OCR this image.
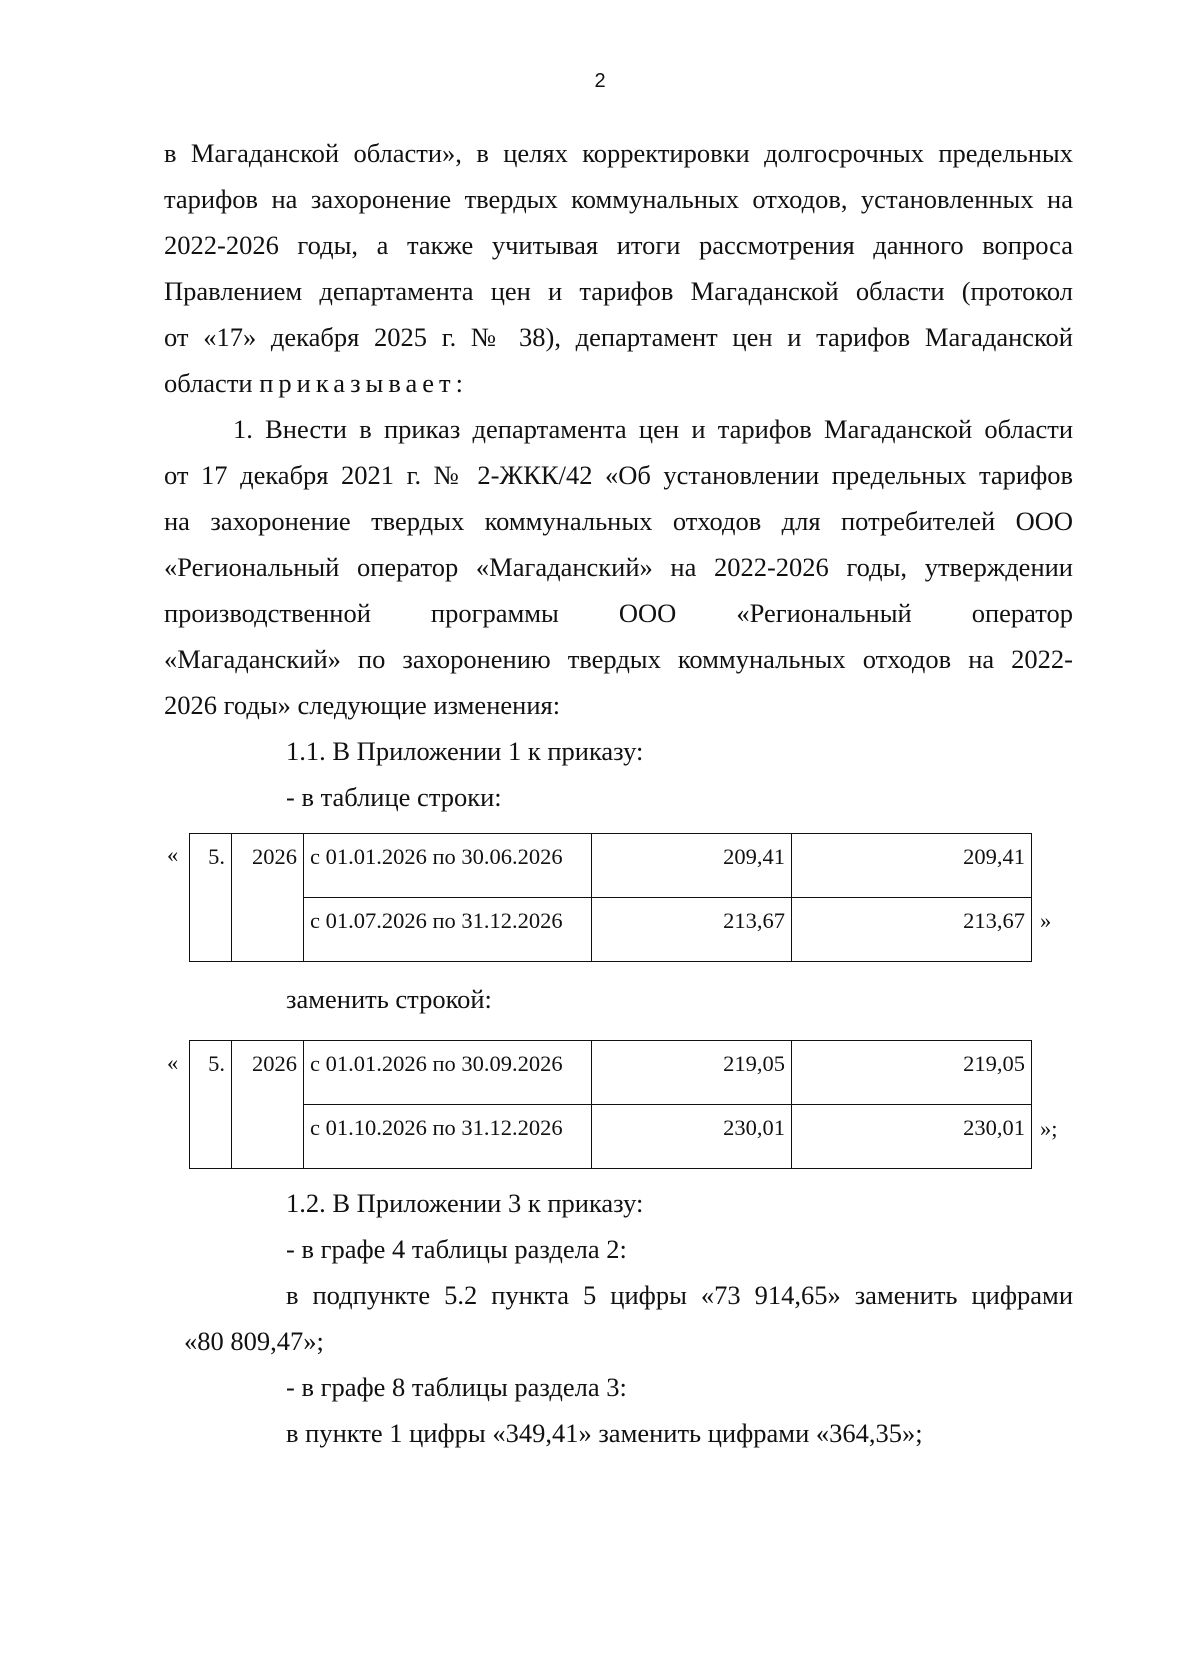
2
в Магаданской области», в целях корректировки долгосрочных предельных
тарифов на захоронение твердых коммунальных отходов, установленных на
2022-2026 годы, а также учитывая итоги рассмотрения данного вопроса
Правлением департамента цен и тарифов Магаданской области (протокол
от «17» декабря 2025 г. № 38), департамент цен и тарифов Магаданской
области приказывает:
1. Внести в приказ департамента цен и тарифов Магаданской области
от 17 декабря 2021 г. № 2-ЖКК/42 «Об установлении предельных тарифов
на захоронение твердых коммунальных отходов для потребителей ООО
«Региональный оператор «Магаданский» на 2022-2026 годы, утверждении
производственной программы ООО «Региональный оператор
«Магаданский» по захоронению твердых коммунальных отходов на 2022-
2026 годы» следующие изменения:
1.1. В Приложении 1 к приказу:
- в таблице строки:
« 5.	2026	с 01.01.2026 по 30.06.2026	209,41	209,41
		с 01.07.2026 по 31.12.2026	213,67	213,67 »
заменить строкой:
« 5.	2026	с 01.01.2026 по 30.09.2026	219,05	219,05
		с 01.10.2026 по 31.12.2026	230,01	230,01 »;
1.2. В Приложении 3 к приказу:
- в графе 4 таблицы раздела 2:
в подпункте 5.2 пункта 5 цифры «73 914,65» заменить цифрами
«80 809,47»;
- в графе 8 таблицы раздела 3:
в пункте 1 цифры «349,41» заменить цифрами «364,35»;
